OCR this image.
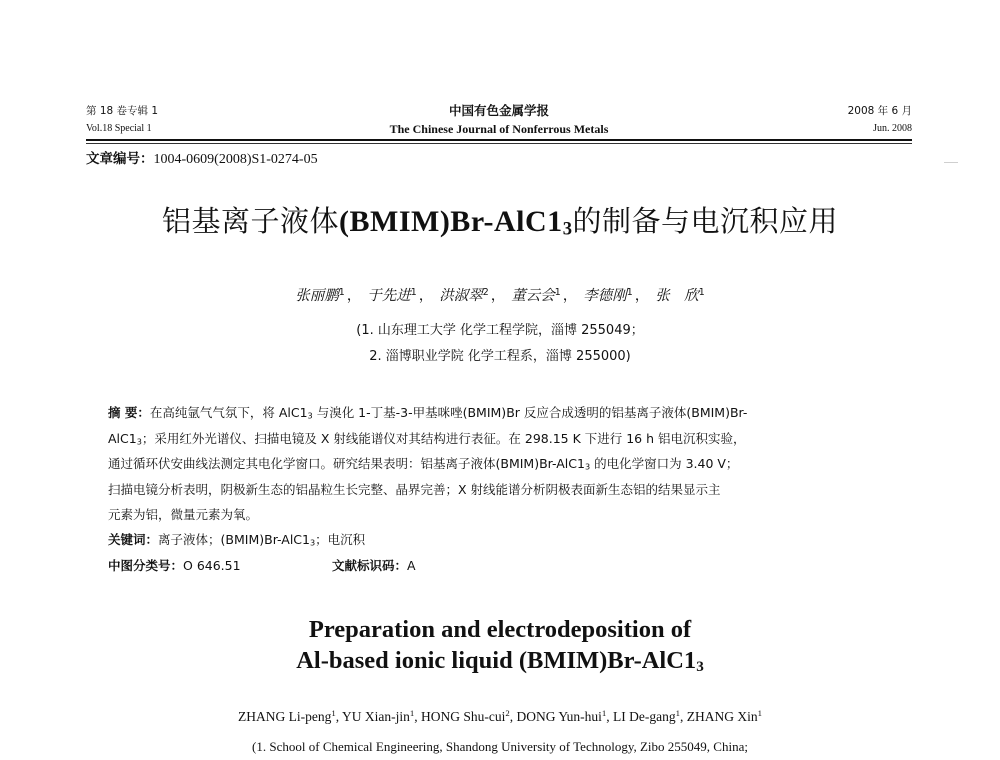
第 18 卷专辑 1
Vol.18 Special 1
中国有色金属学报
The Chinese Journal of Nonferrous Metals
2008 年 6 月
Jun. 2008
文章编号：1004-0609(2008)S1-0274-05
铝基离子液体$(BMIM)Br-AlC1_3$的制备与电沉积应用
张丽鹏$^1$ ， 于先进$^1$ ， 洪淑翠$^2$ ， 董云会$^1$ ， 李德刚$^1$ ， 张　欣$^1$
(1. 山东理工大学 化学工程学院，淄博 255049；
2. 淄博职业学院 化学工程系，淄博 255000)
摘 要：在高纯氩气气氛下，将 $AlC1_3$ 与溴化 1-丁基-3-甲基咪唑(BMIM)Br 反应合成透明的铝基离子液体(BMIM)Br-
$AlC1_3$；采用红外光谱仪、扫描电镜及 X 射线能谱仪对其结构进行表征。在 298.15 K 下进行 16 h 铝电沉积实验，
通过循环伏安曲线法测定其电化学窗口。研究结果表明：铝基离子液体$(BMIM)Br-AlC1_3$ 的电化学窗口为 3.40 V；
扫描电镜分析表明，阴极新生态的铝晶粒生长完整、晶界完善；X 射线能谱分析阴极表面新生态铝的结果显示主
元素为铝，微量元素为氧。
关键词：离子液体；$(BMIM)Br-AlC1_3$；电沉积
中图分类号：O 646.51	文献标识码：A
Preparation and electrodeposition of
Al-based ionic liquid $(BMIM)Br-AlC1_3$
ZHANG Li-peng$^1$, YU Xian-jin$^1$, HONG Shu-cui$^2$, DONG Yun-hui$^1$, LI De-gang$^1$, ZHANG Xin$^1$
(1. School of Chemical Engineering, Shandong University of Technology, Zibo 255049, China;
